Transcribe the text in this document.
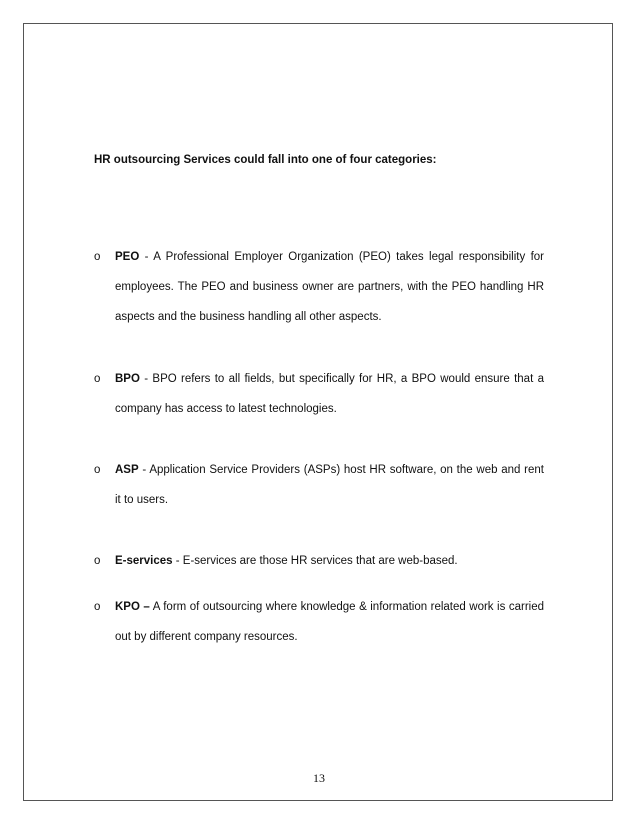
HR outsourcing Services could fall into one of four categories:
o PEO - A Professional Employer Organization (PEO) takes legal responsibility for employees. The PEO and business owner are partners, with the PEO handling HR aspects and the business handling all other aspects.
o BPO - BPO refers to all fields, but specifically for HR, a BPO would ensure that a company has access to latest technologies.
o ASP - Application Service Providers (ASPs) host HR software, on the web and rent it to users.
o E-services - E-services are those HR services that are web-based.
o KPO – A form of outsourcing where knowledge & information related work is carried out by different company resources.
13
